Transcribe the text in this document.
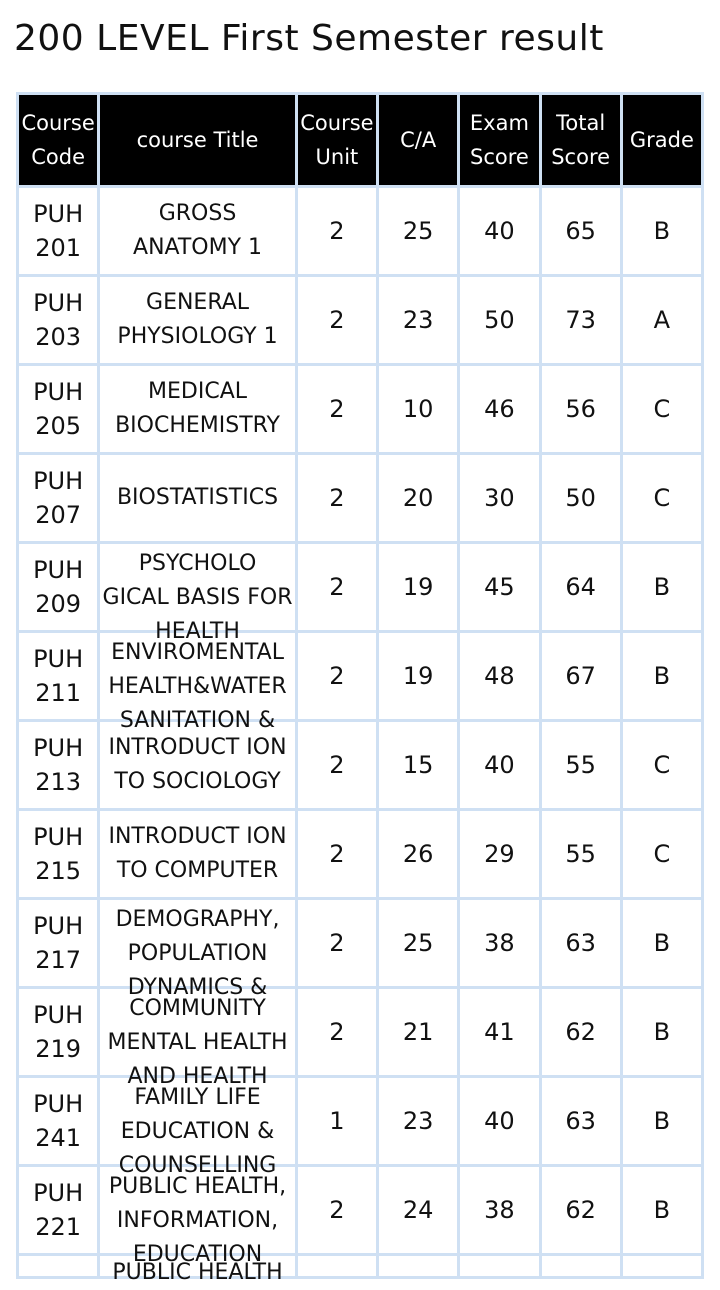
200 LEVEL First Semester result
Course Code	course Title	Course Unit	C/A	Exam Score	Total Score	Grade

PUH 201	GROSS ANATOMY 1	2	25	40	65	B
PUH 203	GENERAL PHYSIOLOGY 1	2	23	50	73	A
PUH 205	MEDICAL BIOCHEMISTRY	2	10	46	56	C
PUH 207	BIOSTATISTICS	2	20	30	50	C
PUH 209	PSYCHOLO GICAL BASIS FOR HEALTH	2	19	45	64	B
PUH 211	ENVIROMENTAL HEALTH&WATER SANITATION &	2	19	48	67	B
PUH 213	INTRODUCT ION TO SOCIOLOGY	2	15	40	55	C
PUH 215	INTRODUCT ION TO COMPUTER	2	26	29	55	C
PUH 217	DEMOGRAPHY, POPULATION DYNAMICS &	2	25	38	63	B
PUH 219	COMMUNITY MENTAL HEALTH AND HEALTH	2	21	41	62	B
PUH 241	FAMILY LIFE EDUCATION & COUNSELLING	1	23	40	63	B
PUH 221	PUBLIC HEALTH, INFORMATION, EDUCATION	2	24	38	62	B

	PUBLIC HEALTH					
